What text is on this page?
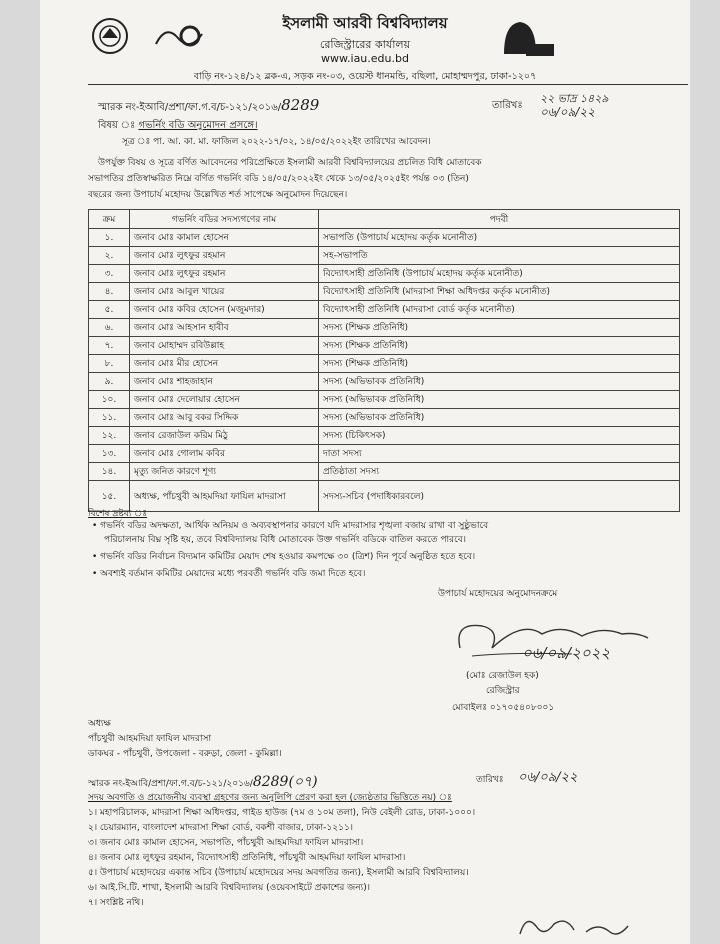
ইসলামী আরবী বিশ্ববিদ্যালয়
রেজিস্ট্রারের কার্যালয়
www.iau.edu.bd
বাড়ি নং-১২৪/১২ ব্লক-এ, সড়ক নং-০৩, ওয়েস্ট ধানমন্ডি, বছিলা, মোহাম্মদপুর, ঢাকা-১২০৭
স্মারক নং-ইআবি/প্রশা/ফা.গ.ব/চ-১২১/২০১৬/8289	তারিখঃ
২২ ভাদ্র ১৪২৯
০৬/০৯/২২
বিষয় ঃ গভর্নিং বডি অনুমোদন প্রসঙ্গে।
সূত্র ঃ পা. আ. কা. মা. ফাজিল ২০২২-১৭/০২, ১৪/০৫/২০২২ইং তারিখের আবেদন।
উপর্যুক্ত বিষয় ও সূত্রে বর্ণিত আবেদনের পরিপ্রেক্ষিতে ইসলামী আরবী বিশ্ববিদ্যালয়ের প্রচলিত বিধি মোতাবেক
সভাপতির প্রতিস্বাক্ষরিত নিম্নে বর্ণিত গভর্নিং বডি ১৪/০৫/২০২২ইং থেকে ১৩/০৫/২০২৫ইং পর্যন্ত ০৩ (তিন)
বছরের জন্য উপাচার্য মহোদয় উল্লেখিত শর্ত সাপেক্ষে অনুমোদন দিয়েছেন।
ক্রম	গভর্নিং বডির সদস্যগণের নাম	পদবী
১.	জনাব মোঃ কামাল হোসেন	সভাপতি (উপাচার্য মহোদয় কর্তৃক মনোনীত)
২.	জনাব মোঃ লুৎফুর রহমান	সহ-সভাপতি
৩.	জনাব মোঃ লুৎফুর রহমান	বিদ্যোৎসাহী প্রতিনিধি (উপাচার্য মহোদয় কর্তৃক মনোনীত)
৪.	জনাব মোঃ আবুল খায়ের	বিদ্যোৎসাহী প্রতিনিধি (মাদরাসা শিক্ষা অধিদপ্তর কর্তৃক মনোনীত)
৫.	জনাব মোঃ কবির হোসেন (মজুমদার)	বিদ্যোৎসাহী প্রতিনিধি (মাদরাসা বোর্ড কর্তৃক মনোনীত)
৬.	জনাব মোঃ আহসান হাবীব	সদস্য (শিক্ষক প্রতিনিধি)
৭.	জনাব মোহাম্মদ রবিউল্লাহ	সদস্য (শিক্ষক প্রতিনিধি)
৮.	জনাব মোঃ মীর হোসেন	সদস্য (শিক্ষক প্রতিনিধি)
৯.	জনাব মোঃ শাহজাহান	সদস্য (অভিভাবক প্রতিনিধি)
১০.	জনাব মোঃ দেলোয়ার হোসেন	সদস্য (অভিভাবক প্রতিনিধি)
১১.	জনাব মোঃ আবু বকর সিদ্দিক	সদস্য (অভিভাবক প্রতিনিধি)
১২.	জনাব রেজাউল করিম মিঠু	সদস্য (চিকিৎসক)
১৩.	জনাব মোঃ গোলাম কবির	দাতা সদস্য
১৪.	মৃত্যু জনিত কারণে শূণ্য	প্রতিষ্ঠাতা সদস্য
১৫.	অধ্যক্ষ, পাঁচথুবী আহমদিয়া ফাযিল মাদরাসা	সদস্য-সচিব (পদাধিকারবলে)
বিশেষ দ্রষ্টব্য ঃ
• গভর্নিং বডির অদক্ষতা, আর্থিক অনিয়ম ও অব্যবস্থাপনার কারণে যদি মাদরাসার শৃঙ্খলা বজায় রাখা বা সুষ্ঠুভাবে
পরিচালনায় বিঘ্ন সৃষ্টি হয়, তবে বিশ্ববিদ্যালয় বিধি মোতাবেক উক্ত গভর্নিং বডিকে বাতিল করতে পারবে।
• গভর্নিং বডির নির্বাচন বিদ্যমান কমিটির মেয়াদ শেষ হওয়ার কমপক্ষে ৩০ (ত্রিশ) দিন পূর্বে অনুষ্ঠিত হতে হবে।
• অবশ্যই বর্তমান কমিটির মেয়াদের মধ্যে পরবর্তী গভর্নিং বডি জমা দিতে হবে।
উপাচার্য মহোদয়ের অনুমোদনক্রমে
০৬/০৯/২০২২
(মোঃ রেজাউল হক)
রেজিস্ট্রার
মোবাইলঃ ০১৭০৫৪০৮০০১
অধ্যক্ষ
পাঁচথুবী আহমদিয়া ফাযিল মাদরাসা
ডাকঘর - পাঁচথুবী, উপজেলা - বরুড়া, জেলা - কুমিল্লা।
স্মারক নং-ইআবি/প্রশা/ফা.গ.ব/চ-১২১/২০১৬/8289(০৭)	তারিখঃ ০৬/০৯/২২
সদয় অবগতি ও প্রয়োজনীয় ব্যবস্থা গ্রহণের জন্য অনুলিপি প্রেরণ করা হল (জ্যেষ্ঠতার ভিত্তিতে নয়) ঃ
১। মহাপরিচালক, মাদরাসা শিক্ষা অধিদপ্তর, গাইড হাউজ (৭ম ও ১০ম তলা), নিউ বেইলী রোড, ঢাকা-১০০০।
২। চেয়ারম্যান, বাংলাদেশ মাদরাসা শিক্ষা বোর্ড, বকশী বাজার, ঢাকা-১২১১।
৩। জনাব মোঃ কামাল হোসেন, সভাপতি, পাঁচথুবী আহমদিয়া ফাযিল মাদরাসা।
৪। জনাব মোঃ লুৎফুর রহমান, বিদ্যোৎসাহী প্রতিনিধি, পাঁচথুবী আহমদিয়া ফাযিল মাদরাসা।
৫। উপাচার্য মহোদয়ের একান্ত সচিব (উপাচার্য মহোদয়ের সদয় অবগতির জন্য), ইসলামী আরবি বিশ্ববিদ্যালয়।
৬। আই.সি.টি. শাখা, ইসলামী আরবি বিশ্ববিদ্যালয় (ওয়েবসাইটে প্রকাশের জন্য)।
৭। সংশ্লিষ্ট নথি।
